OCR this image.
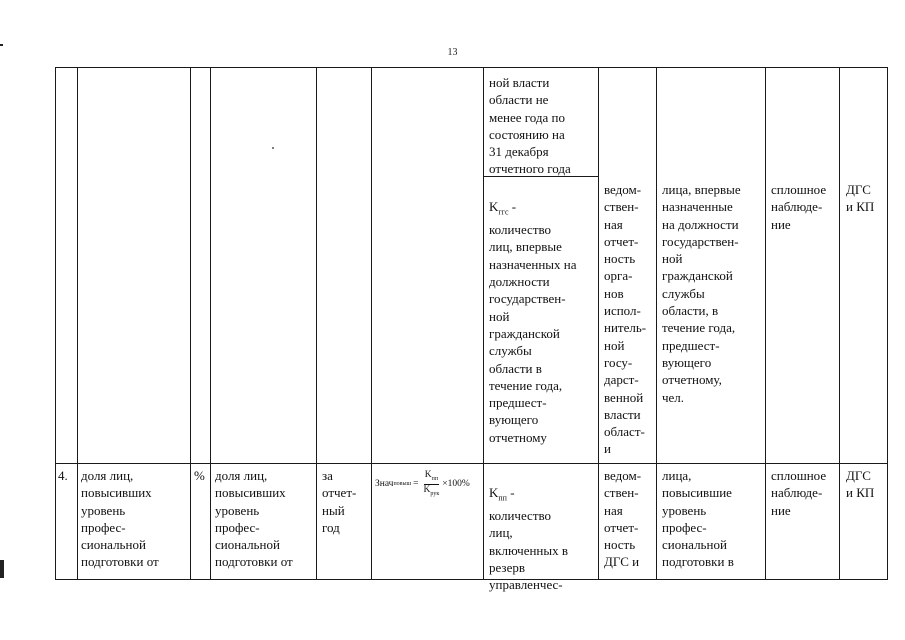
13
ной власти
области не
менее года по
состоянию на
31 декабря
отчетного года

$K_{ггс}$ -

количество
лиц, впервые
назначенных на
должности
государствен-
ной
гражданской
службы
области в
течение года,
предшест-
вующего
отчетному

ведом-
ствен-
ная
отчет-
ность
орга-
нов
испол-
нитель-
ной
госу-
дарст-
венной
власти
област-
и
лица, впервые
назначенные
на должности
государствен-
ной
гражданской
службы
области, в
течение года,
предшест-
вующего
отчетному,
чел.
сплошное
наблюде-
ние
ДГС
и КП
4.	доля лиц,
повысивших
уровень
профес-
сиональной
подготовки от
% доля лиц,
повысивших
уровень
профес-
сиональной
подготовки от
за
отчет-
ный
год
Знач повыш = $\frac{K_{пп}}{K_{рук}} \times 100\%$

$K_{пп}$ -

количество
лиц,
включенных в
резерв
управленчес-

ведом-
ствен-
ная
отчет-
ность
ДГС и
лица,
повысившие
уровень
профес-
сиональной
подготовки в
сплошное
наблюде-
ние
ДГС
и КП
